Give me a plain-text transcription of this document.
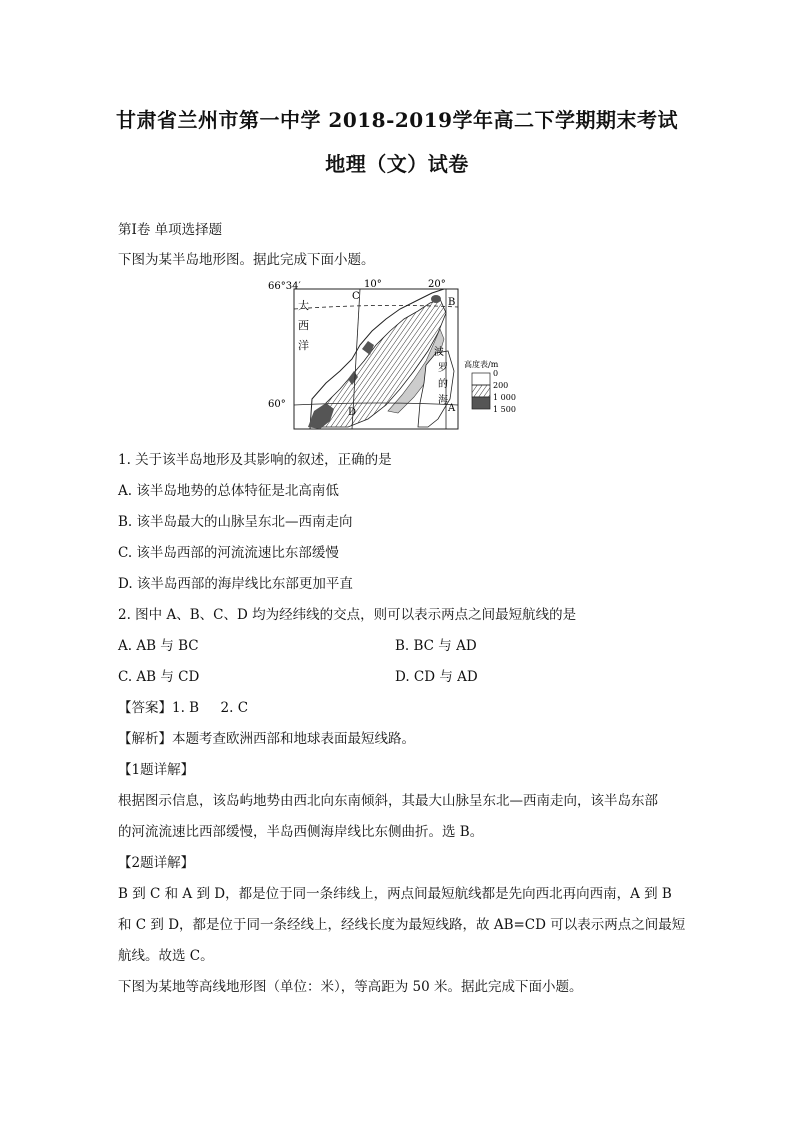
甘肃省兰州市第一中学 2018-2019学年高二下学期期末考试
地理（文）试卷
第Ⅰ卷 单项选择题
下图为某半岛地形图。据此完成下面小题。
66°34′
60°
10°	20°
C
B
D	A
大
西
洋
波
罗
的
海
高度表/m
0
200
1 000
1 500
1. 关于该半岛地形及其影响的叙述，正确的是
A. 该半岛地势的总体特征是北高南低
B. 该半岛最大的山脉呈东北—西南走向
C. 该半岛西部的河流流速比东部缓慢
D. 该半岛西部的海岸线比东部更加平直
2. 图中 A、B、C、D 均为经纬线的交点，则可以表示两点之间最短航线的是
A. AB 与 BC	B. BC 与 AD
C. AB 与 CD	D. CD 与 AD
【答案】1. B     2. C
【解析】本题考查欧洲西部和地球表面最短线路。
【1题详解】
根据图示信息，该岛屿地势由西北向东南倾斜，其最大山脉呈东北—西南走向，该半岛东部
的河流流速比西部缓慢，半岛西侧海岸线比东侧曲折。选 B。
【2题详解】
B 到 C 和 A 到 D，都是位于同一条纬线上，两点间最短航线都是先向西北再向西南，A 到 B
和 C 到 D，都是位于同一条经线上，经线长度为最短线路，故 AB=CD 可以表示两点之间最短
航线。故选 C。
下图为某地等高线地形图（单位：米），等高距为 50 米。据此完成下面小题。
